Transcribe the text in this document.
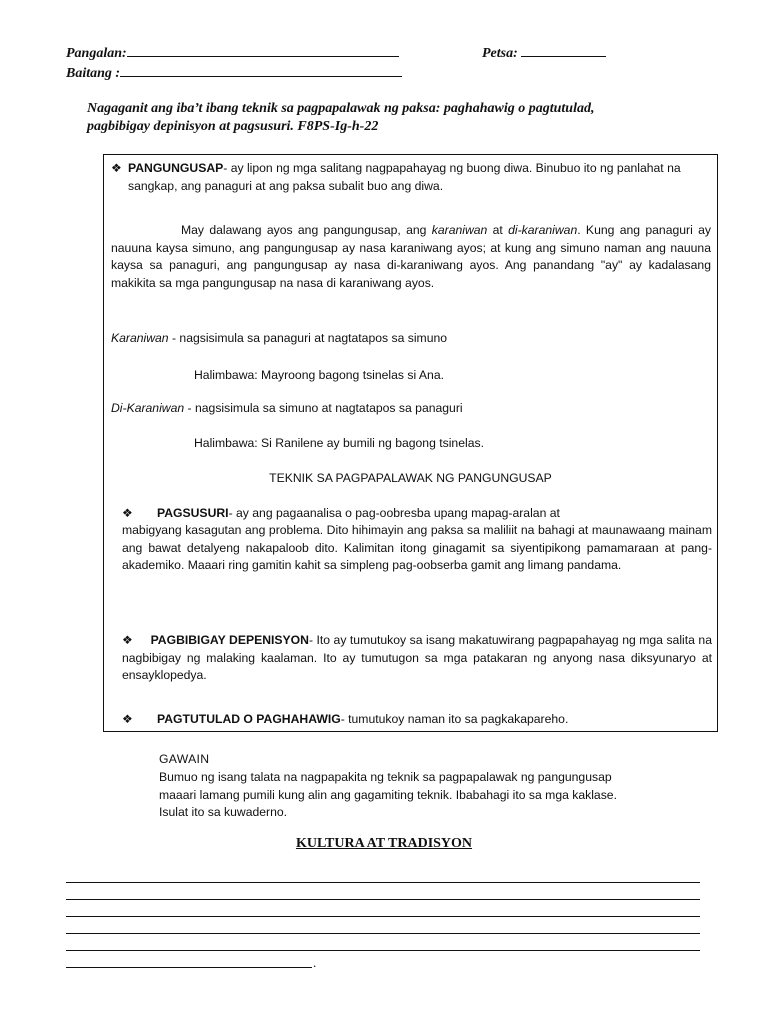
Pangalan:	Petsa:
Baitang :
Nagaganit ang iba’t ibang teknik sa pagpapalawak ng paksa: paghahawig o pagtutulad,
pagbibigay depinisyon at pagsusuri. F8PS-Ig-h-22
❖ PANGUNGUSAP- ay lipon ng mga salitang nagpapahayag ng buong diwa. Binubuo ito ng panlahat na sangkap, ang panaguri at ang paksa subalit buo ang diwa.
May dalawang ayos ang pangungusap, ang karaniwan at di-karaniwan. Kung ang panaguri ay nauuna kaysa simuno, ang pangungusap ay nasa karaniwang ayos; at kung ang simuno naman ang nauuna kaysa sa panaguri, ang pangungusap ay nasa di-karaniwang ayos. Ang panandang "ay" ay kadalasang makikita sa mga pangungusap na nasa di karaniwang ayos.
Karaniwan - nagsisimula sa panaguri at nagtatapos sa simuno
Halimbawa: Mayroong bagong tsinelas si Ana.
Di-Karaniwan - nagsisimula sa simuno at nagtatapos sa panaguri
Halimbawa: Si Ranilene ay bumili ng bagong tsinelas.
TEKNIK SA PAGPAPALAWAK NG PANGUNGUSAP
❖ PAGSUSURI- ay ang pagaanalisa o pag-oobresba upang mapag-aralan at
mabigyang kasagutan ang problema. Dito hihimayin ang paksa sa maliliit na bahagi at maunawaang mainam ang bawat detalyeng nakapaloob dito. Kalimitan itong ginagamit sa siyentipikong pamamaraan at pang-akademiko. Maaari ring gamitin kahit sa simpleng pag-oobserba gamit ang limang pandama.
❖ PAGBIBIGAY DEPENISYON- Ito ay tumutukoy sa isang makatuwirang pagpapahayag ng mga salita na nagbibigay ng malaking kaalaman. Ito ay tumutugon sa mga patakaran ng anyong nasa diksyunaryo at ensayklopedya.
❖ PAGTUTULAD O PAGHAHAWIG- tumutukoy naman ito sa pagkakapareho.
GAWAIN
Bumuo ng isang talata na nagpapakita ng teknik sa pagpapalawak ng pangungusap
maaari lamang pumili kung alin ang gagamiting teknik. Ibabahagi ito sa mga kaklase.
Isulat ito sa kuwaderno.
KULTURA AT TRADISYON
.
